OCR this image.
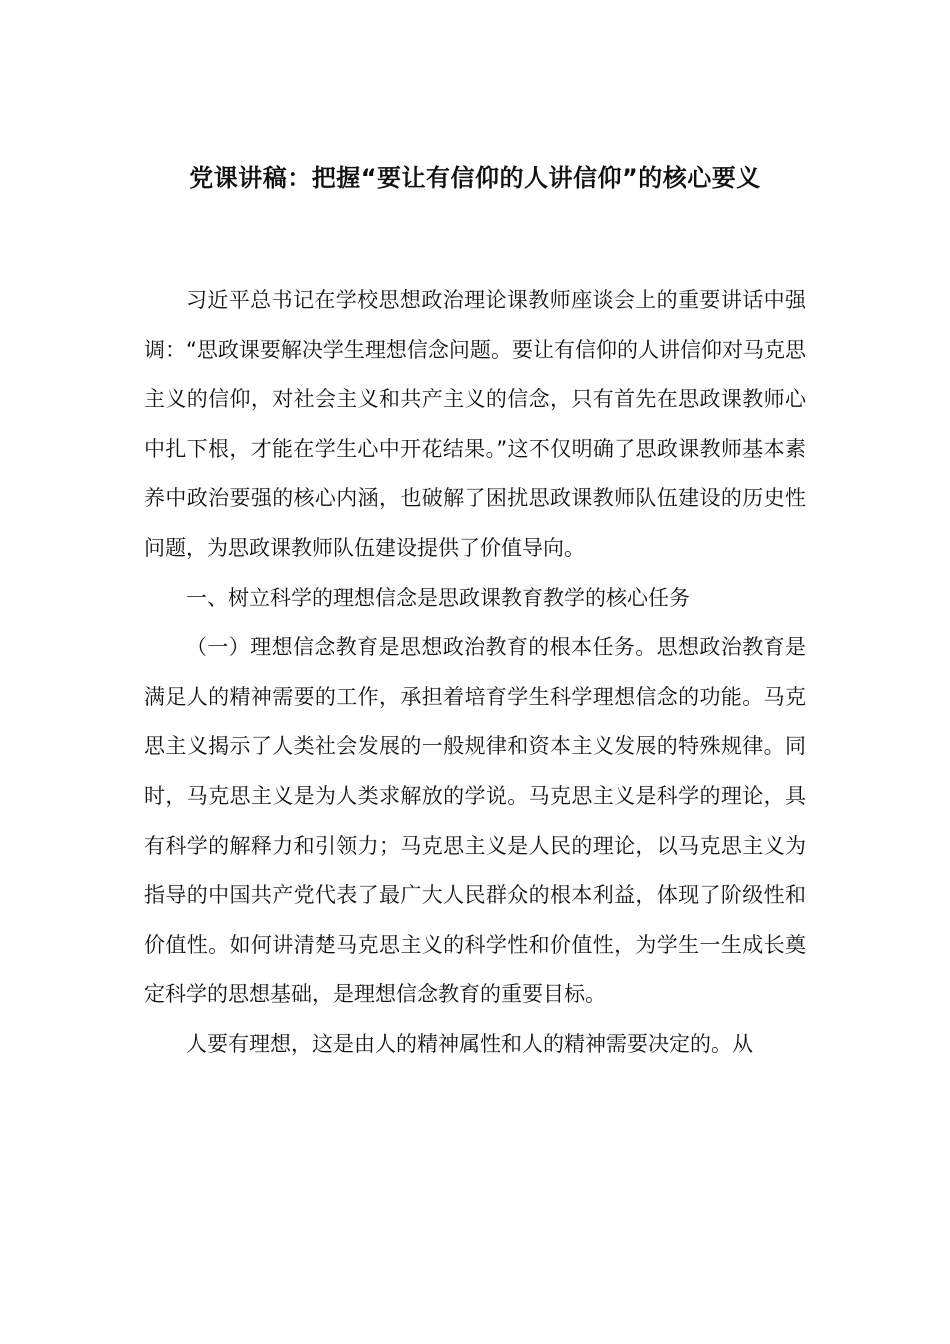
党课讲稿：把握“要让有信仰的人讲信仰”的核心要义

习近平总书记在学校思想政治理论课教师座谈会上的重要讲话中强调：“思政课要解决学生理想信念问题。要让有信仰的人讲信仰对马克思主义的信仰，对社会主义和共产主义的信念，只有首先在思政课教师心中扎下根，才能在学生心中开花结果。”这不仅明确了思政课教师基本素养中政治要强的核心内涵，也破解了困扰思政课教师队伍建设的历史性问题，为思政课教师队伍建设提供了价值导向。

一、树立科学的理想信念是思政课教育教学的核心任务

（一）理想信念教育是思想政治教育的根本任务。思想政治教育是满足人的精神需要的工作，承担着培育学生科学理想信念的功能。马克思主义揭示了人类社会发展的一般规律和资本主义发展的特殊规律。同时，马克思主义是为人类求解放的学说。马克思主义是科学的理论，具有科学的解释力和引领力；马克思主义是人民的理论，以马克思主义为指导的中国共产党代表了最广大人民群众的根本利益，体现了阶级性和价值性。如何讲清楚马克思主义的科学性和价值性，为学生一生成长奠定科学的思想基础，是理想信念教育的重要目标。

人要有理想，这是由人的精神属性和人的精神需要决定的。从
